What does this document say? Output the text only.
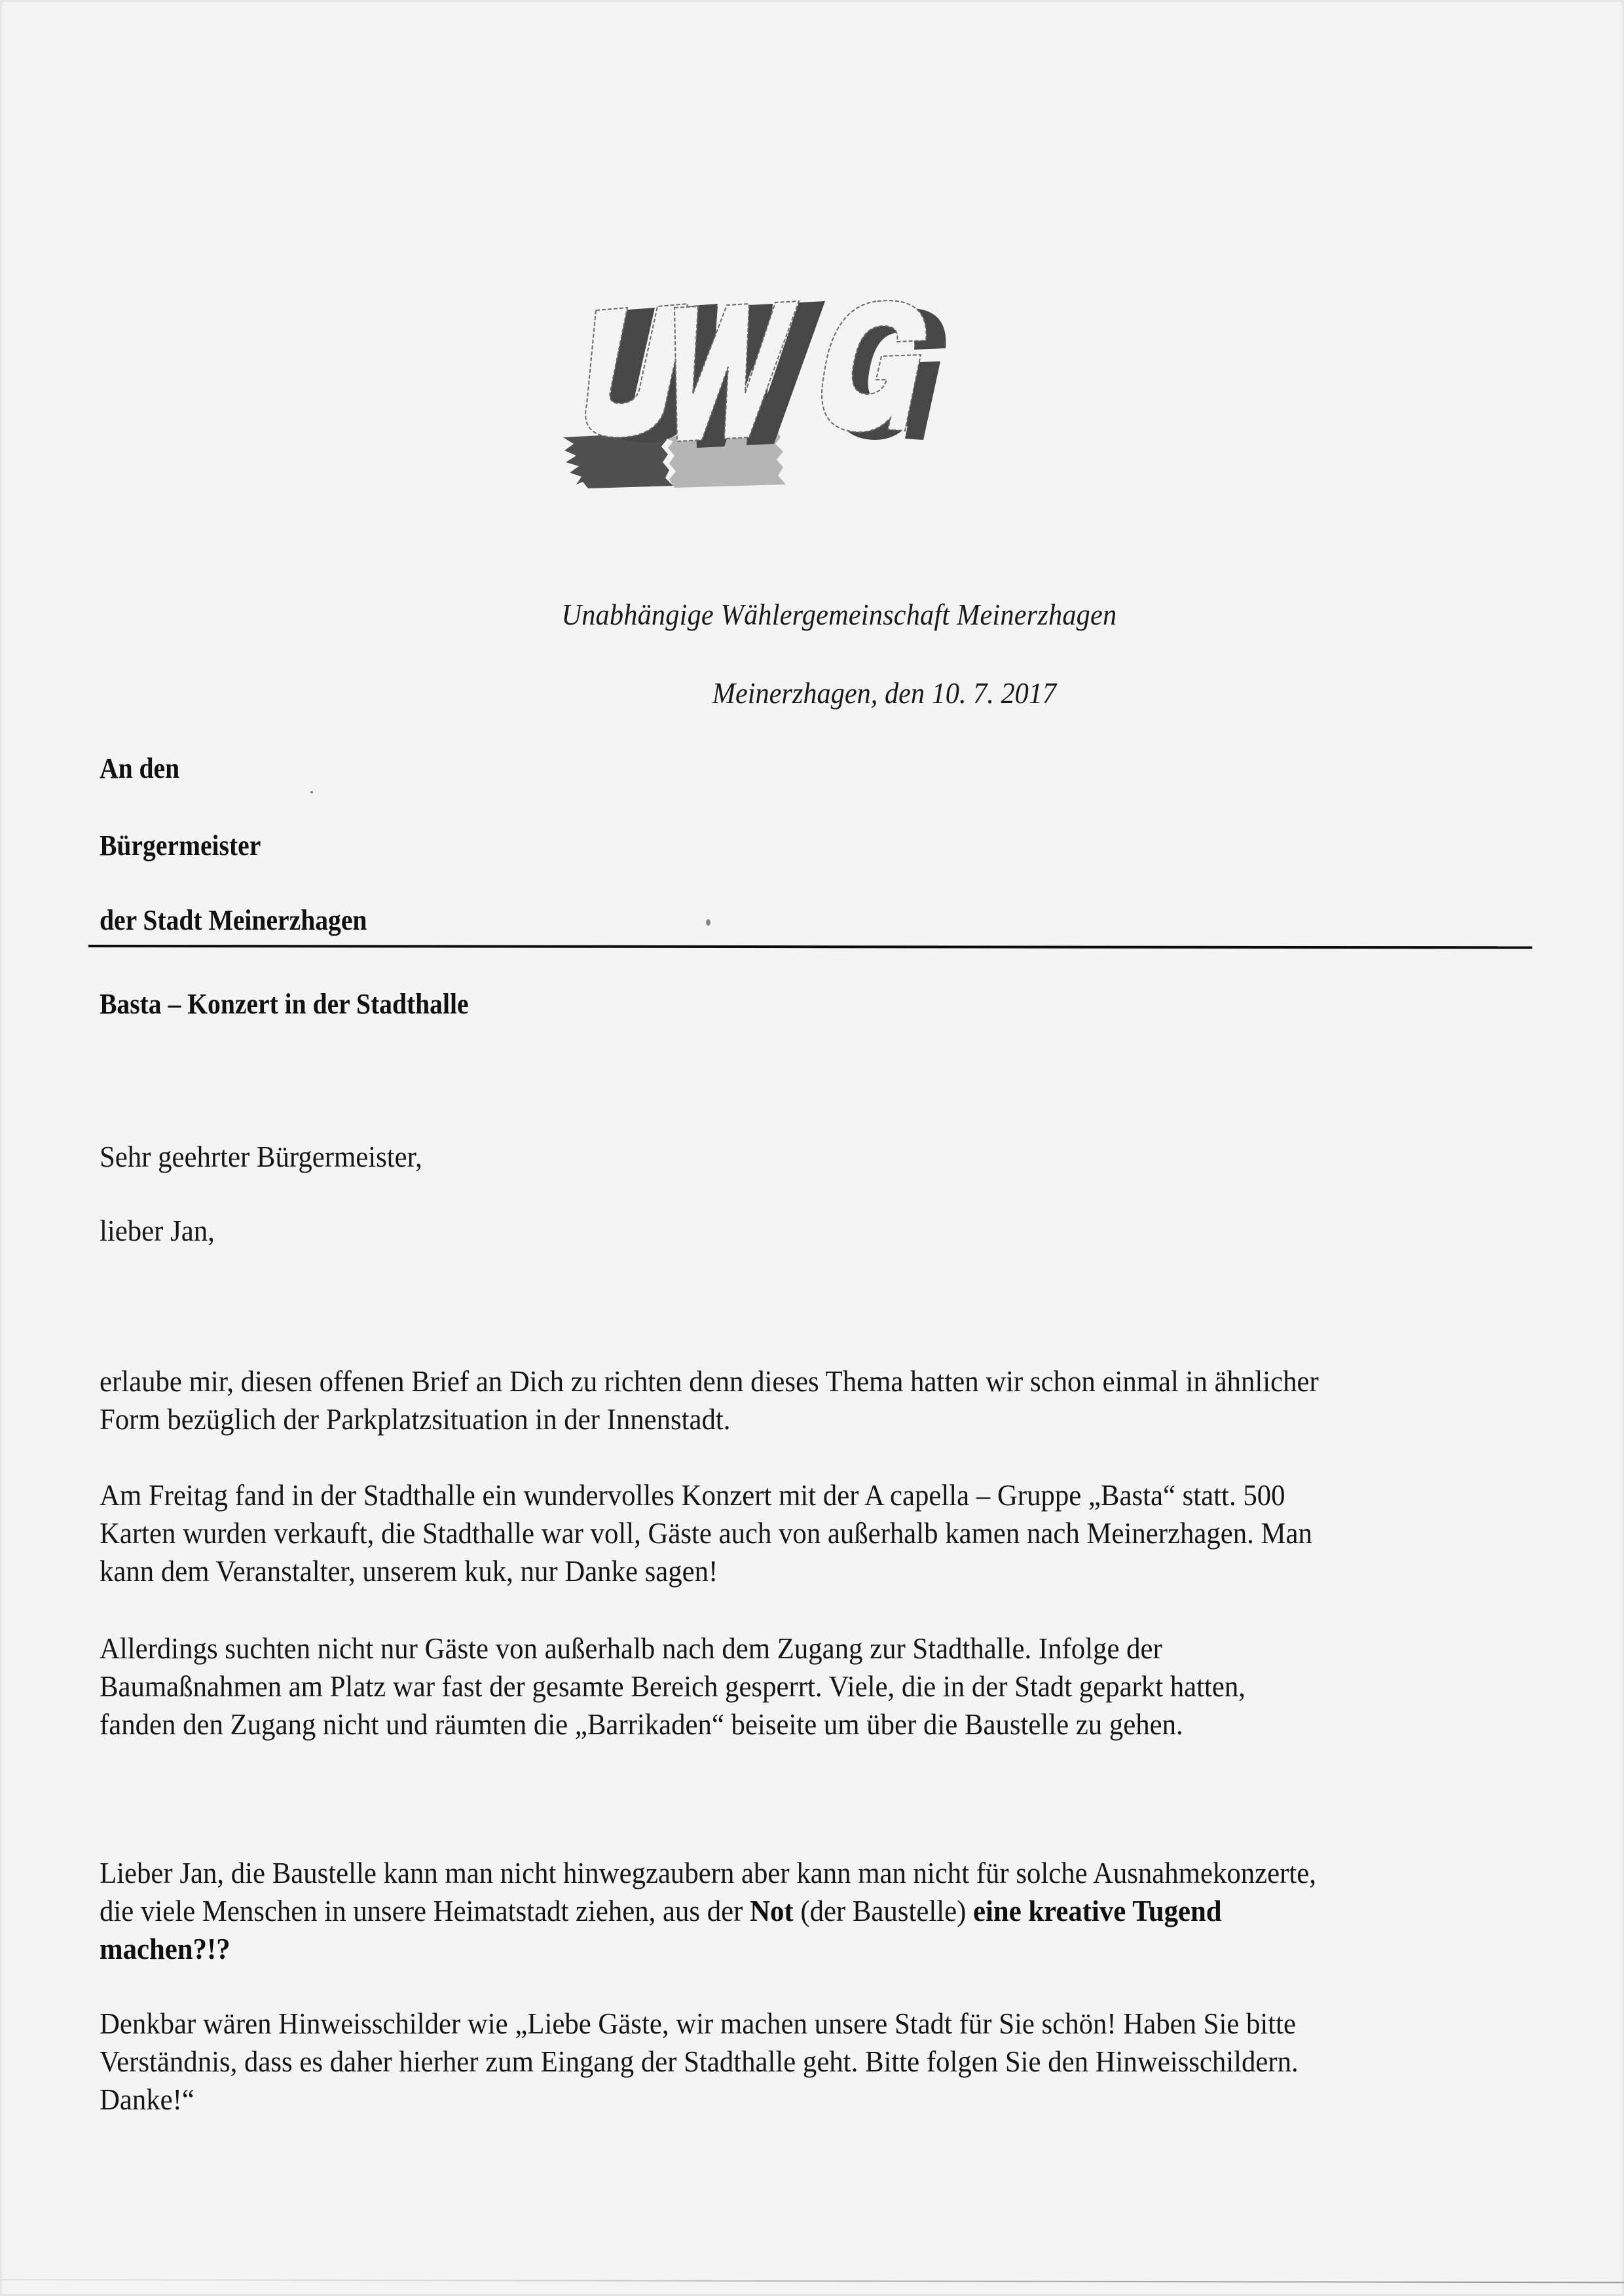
Unabhängige Wählergemeinschaft Meinerzhagen
Meinerzhagen, den 10. 7. 2017
An den
Bürgermeister
der Stadt Meinerzhagen
Basta – Konzert in der Stadthalle
Sehr geehrter Bürgermeister,
lieber Jan,
erlaube mir, diesen offenen Brief an Dich zu richten denn dieses Thema hatten wir schon einmal in ähnlicher
Form bezüglich der Parkplatzsituation in der Innenstadt.
Am Freitag fand in der Stadthalle ein wundervolles Konzert mit der A capella – Gruppe „Basta“ statt. 500
Karten wurden verkauft, die Stadthalle war voll, Gäste auch von außerhalb kamen nach Meinerzhagen. Man
kann dem Veranstalter, unserem kuk, nur Danke sagen!
Allerdings suchten nicht nur Gäste von außerhalb nach dem Zugang zur Stadthalle. Infolge der
Baumaßnahmen am Platz war fast der gesamte Bereich gesperrt. Viele, die in der Stadt geparkt hatten,
fanden den Zugang nicht und räumten die „Barrikaden“ beiseite um über die Baustelle zu gehen.
Lieber Jan, die Baustelle kann man nicht hinwegzaubern aber kann man nicht für solche Ausnahmekonzerte,
die viele Menschen in unsere Heimatstadt ziehen, aus der Not (der Baustelle) eine kreative Tugend
machen?!?
Denkbar wären Hinweisschilder wie „Liebe Gäste, wir machen unsere Stadt für Sie schön! Haben Sie bitte
Verständnis, dass es daher hierher zum Eingang der Stadthalle geht. Bitte folgen Sie den Hinweisschildern.
Danke!“
